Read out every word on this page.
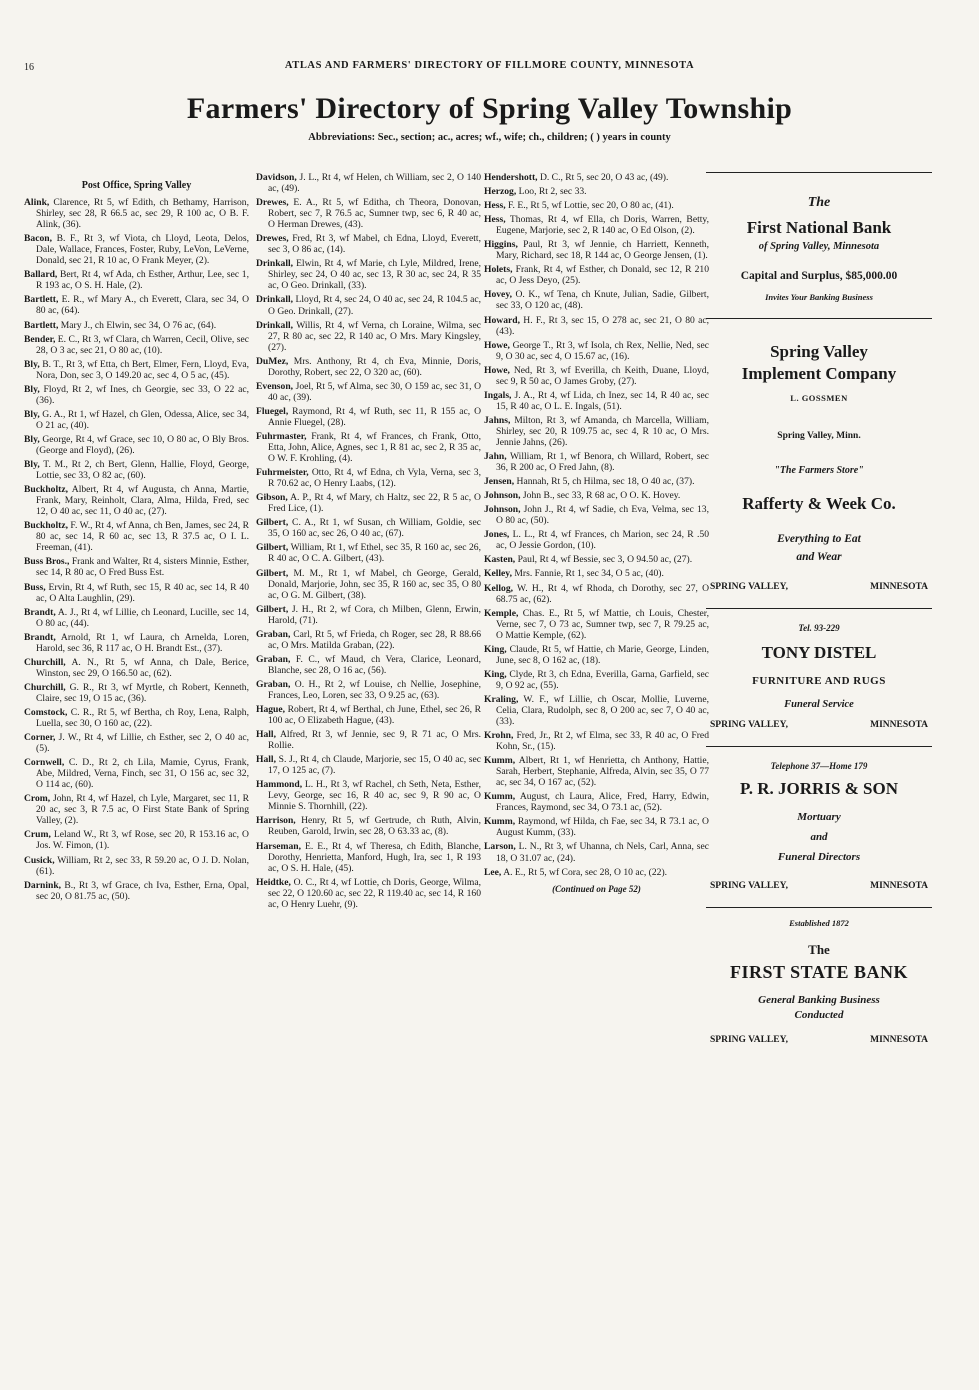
16	ATLAS AND FARMERS' DIRECTORY OF FILLMORE COUNTY, MINNESOTA
Farmers' Directory of Spring Valley Township
Abbreviations: Sec., section; ac., acres; wf., wife; ch., children; ( ) years in county
Post Office, Spring Valley

Alink, Clarence, Rt 5, wf Edith, ch Bethamy, Harrison, Shirley, sec 28, R 66.5 ac, sec 29, R 100 ac, O B. F. Alink, (36).

Bacon, B. F., Rt 3, wf Viota, ch Lloyd, Leota, Delos, Dale, Wallace, Frances, Foster, Ruby, LeVon, LeVerne, Donald, sec 21, R 10 ac, O Frank Meyer, (2).

Ballard, Bert, Rt 4, wf Ada, ch Esther, Arthur, Lee, sec 1, R 193 ac, O S. H. Hale, (2).

Bartlett, E. R., wf Mary A., ch Everett, Clara, sec 34, O 80 ac, (64).

Bartlett, Mary J., ch Elwin, sec 34, O 76 ac, (64).

Bender, E. C., Rt 3, wf Clara, ch Warren, Cecil, Olive, sec 28, O 3 ac, sec 21, O 80 ac, (10).

Bly, B. T., Rt 3, wf Etta, ch Bert, Elmer, Fern, Lloyd, Eva, Nora, Don, sec 3, O 149.20 ac, sec 4, O 5 ac, (45).

Bly, Floyd, Rt 2, wf Ines, ch Georgie, sec 33, O 22 ac, (36).

Bly, G. A., Rt 1, wf Hazel, ch Glen, Odessa, Alice, sec 34, O 21 ac, (40).

Bly, George, Rt 4, wf Grace, sec 10, O 80 ac, O Bly Bros. (George and Floyd), (26).

Bly, T. M., Rt 2, ch Bert, Glenn, Hallie, Floyd, George, Lottie, sec 33, O 82 ac, (60).

Buckholtz, Albert, Rt 4, wf Augusta, ch Anna, Martie, Frank, Mary, Reinholt, Clara, Alma, Hilda, Fred, sec 12, O 40 ac, sec 11, O 40 ac, (27).

Buckholtz, F. W., Rt 4, wf Anna, ch Ben, James, sec 24, R 80 ac, sec 14, R 60 ac, sec 13, R 37.5 ac, O I. L. Freeman, (41).

Buss Bros., Frank and Walter, Rt 4, sisters Minnie, Esther, sec 14, R 80 ac, O Fred Buss Est.

Buss, Ervin, Rt 4, wf Ruth, sec 15, R 40 ac, sec 14, R 40 ac, O Alta Laughlin, (29).

Brandt, A. J., Rt 4, wf Lillie, ch Leonard, Lucille, sec 14, O 80 ac, (44).

Brandt, Arnold, Rt 1, wf Laura, ch Arnelda, Loren, Harold, sec 36, R 117 ac, O H. Brandt Est., (37).

Churchill, A. N., Rt 5, wf Anna, ch Dale, Berice, Winston, sec 29, O 166.50 ac, (62).

Churchill, G. R., Rt 3, wf Myrtle, ch Robert, Kenneth, Claire, sec 19, O 15 ac, (36).

Comstock, C. R., Rt 5, wf Bertha, ch Roy, Lena, Ralph, Luella, sec 30, O 160 ac, (22).

Corner, J. W., Rt 4, wf Lillie, ch Esther, sec 2, O 40 ac, (5).

Cornwell, C. D., Rt 2, ch Lila, Mamie, Cyrus, Frank, Abe, Mildred, Verna, Finch, sec 31, O 156 ac, sec 32, O 114 ac, (60).

Crom, John, Rt 4, wf Hazel, ch Lyle, Margaret, sec 11, R 20 ac, sec 3, R 7.5 ac, O First State Bank of Spring Valley, (2).

Crum, Leland W., Rt 3, wf Rose, sec 20, R 153.16 ac, O Jos. W. Fimon, (1).

Cusick, William, Rt 2, sec 33, R 59.20 ac, O J. D. Nolan, (61).

Darnink, B., Rt 3, wf Grace, ch Iva, Esther, Erna, Opal, sec 20, O 81.75 ac, (50).

Davidson, J. L., Rt 4, wf Helen, ch William, sec 2, O 140 ac, (49).

Drewes, E. A., Rt 5, wf Editha, ch Theora, Donovan, Robert, sec 7, R 76.5 ac, Sumner twp, sec 6, R 40 ac, O Herman Drewes, (43).

Drewes, Fred, Rt 3, wf Mabel, ch Edna, Lloyd, Everett, sec 3, O 86 ac, (14).

Drinkall, Elwin, Rt 4, wf Marie, ch Lyle, Mildred, Irene, Shirley, sec 24, O 40 ac, sec 13, R 30 ac, sec 24, R 35 ac, O Geo. Drinkall, (33).

Drinkall, Lloyd, Rt 4, sec 24, O 40 ac, sec 24, R 104.5 ac, O Geo. Drinkall, (27).

Drinkall, Willis, Rt 4, wf Verna, ch Loraine, Wilma, sec 27, R 80 ac, sec 22, R 140 ac, O Mrs. Mary Kingsley, (27).

DuMez, Mrs. Anthony, Rt 4, ch Eva, Minnie, Doris, Dorothy, Robert, sec 22, O 320 ac, (60).

Evenson, Joel, Rt 5, wf Alma, sec 30, O 159 ac, sec 31, O 40 ac, (39).

Fluegel, Raymond, Rt 4, wf Ruth, sec 11, R 155 ac, O Annie Fluegel, (28).

Fuhrmaster, Frank, Rt 4, wf Frances, ch Frank, Otto, Etta, John, Alice, Agnes, sec 1, R 81 ac, sec 2, R 35 ac, O W. F. Krohling, (4).

Fuhrmeister, Otto, Rt 4, wf Edna, ch Vyla, Verna, sec 3, R 70.62 ac, O Henry Laabs, (12).

Gibson, A. P., Rt 4, wf Mary, ch Haltz, sec 22, R 5 ac, O Fred Lice, (1).

Gilbert, C. A., Rt 1, wf Susan, ch William, Goldie, sec 35, O 160 ac, sec 26, O 40 ac, (67).

Gilbert, William, Rt 1, wf Ethel, sec 35, R 160 ac, sec 26, R 40 ac, O C. A. Gilbert, (43).

Gilbert, M. M., Rt 1, wf Mabel, ch George, Gerald, Donald, Marjorie, John, sec 35, R 160 ac, sec 35, O 80 ac, O G. M. Gilbert, (38).

Gilbert, J. H., Rt 2, wf Cora, ch Milben, Glenn, Erwin, Harold, (71).

Graban, Carl, Rt 5, wf Frieda, ch Roger, sec 28, R 88.66 ac, O Mrs. Matilda Graban, (22).

Graban, F. C., wf Maud, ch Vera, Clarice, Leonard, Blanche, sec 28, O 16 ac, (56).

Graban, O. H., Rt 2, wf Louise, ch Nellie, Josephine, Frances, Leo, Loren, sec 33, O 9.25 ac, (63).

Hague, Robert, Rt 4, wf Berthal, ch June, Ethel, sec 26, R 100 ac, O Elizabeth Hague, (43).

Hall, Alfred, Rt 3, wf Jennie, sec 9, R 71 ac, O Mrs. Rollie.

Hall, S. J., Rt 4, ch Claude, Marjorie, sec 15, O 40 ac, sec 17, O 125 ac, (7).

Hammond, L. H., Rt 3, wf Rachel, ch Seth, Neta, Esther, Levy, George, sec 16, R 40 ac, sec 9, R 90 ac, O Minnie S. Thornhill, (22).

Harrison, Henry, Rt 5, wf Gertrude, ch Ruth, Alvin, Reuben, Garold, Irwin, sec 28, O 63.33 ac, (8).

Harseman, E. E., Rt 4, wf Theresa, ch Edith, Blanche, Dorothy, Henrietta, Manford, Hugh, Ira, sec 1, R 193 ac, O S. H. Hale, (45).

Heidtke, O. C., Rt 4, wf Lottie, ch Doris, George, Wilma, sec 22, O 120.60 ac, sec 22, R 119.40 ac, sec 14, R 160 ac, O Henry Luehr, (9).

Hendershott, D. C., Rt 5, sec 20, O 43 ac, (49).

Herzog, Loo, Rt 2, sec 33.

Hess, F. E., Rt 5, wf Lottie, sec 20, O 80 ac, (41).

Hess, Thomas, Rt 4, wf Ella, ch Doris, Warren, Betty, Eugene, Marjorie, sec 2, R 140 ac, O Ed Olson, (2).

Higgins, Paul, Rt 3, wf Jennie, ch Harriett, Kenneth, Mary, Richard, sec 18, R 144 ac, O George Jensen, (1).

Holets, Frank, Rt 4, wf Esther, ch Donald, sec 12, R 210 ac, O Jess Deyo, (25).

Hovey, O. K., wf Tena, ch Knute, Julian, Sadie, Gilbert, sec 33, O 120 ac, (48).

Howard, H. F., Rt 3, sec 15, O 278 ac, sec 21, O 80 ac, (43).

Howe, George T., Rt 3, wf Isola, ch Rex, Nellie, Ned, sec 9, O 30 ac, sec 4, O 15.67 ac, (16).

Howe, Ned, Rt 3, wf Everilla, ch Keith, Duane, Lloyd, sec 9, R 50 ac, O James Groby, (27).

Ingals, J. A., Rt 4, wf Lida, ch Inez, sec 14, R 40 ac, sec 15, R 40 ac, O L. E. Ingals, (51).

Jahns, Milton, Rt 3, wf Amanda, ch Marcella, William, Shirley, sec 20, R 109.75 ac, sec 4, R 10 ac, O Mrs. Jennie Jahns, (26).

Jahn, William, Rt 1, wf Benora, ch Willard, Robert, sec 36, R 200 ac, O Fred Jahn, (8).

Jensen, Hannah, Rt 5, ch Hilma, sec 18, O 40 ac, (37).

Johnson, John B., sec 33, R 68 ac, O O. K. Hovey.

Johnson, John J., Rt 4, wf Sadie, ch Eva, Velma, sec 13, O 80 ac, (50).

Jones, L. L., Rt 4, wf Frances, ch Marion, sec 24, R .50 ac, O Jessie Gordon, (10).

Kasten, Paul, Rt 4, wf Bessie, sec 3, O 94.50 ac, (27).

Kelley, Mrs. Fannie, Rt 1, sec 34, O 5 ac, (40).

Kellog, W. H., Rt 4, wf Rhoda, ch Dorothy, sec 27, O 68.75 ac, (62).

Kemple, Chas. E., Rt 5, wf Mattie, ch Louis, Chester, Verne, sec 7, O 73 ac, Sumner twp, sec 7, R 79.25 ac, O Mattie Kemple, (62).

King, Claude, Rt 5, wf Hattie, ch Marie, George, Linden, June, sec 8, O 162 ac, (18).

King, Clyde, Rt 3, ch Edna, Everilla, Garna, Garfield, sec 9, O 92 ac, (55).

Kraling, W. F., wf Lillie, ch Oscar, Mollie, Luverne, Celia, Clara, Rudolph, sec 8, O 200 ac, sec 7, O 40 ac, (33).

Krohn, Fred, Jr., Rt 2, wf Elma, sec 33, R 40 ac, O Fred Kohn, Sr., (15).

Kumm, Albert, Rt 1, wf Henrietta, ch Anthony, Hattie, Sarah, Herbert, Stephanie, Alfreda, Alvin, sec 35, O 77 ac, sec 34, O 167 ac, (52).

Kumm, August, ch Laura, Alice, Fred, Harry, Edwin, Frances, Raymond, sec 34, O 73.1 ac, (52).

Kumm, Raymond, wf Hilda, ch Fae, sec 34, R 73.1 ac, O August Kumm, (33).

Larson, L. N., Rt 3, wf Uhanna, ch Nels, Carl, Anna, sec 18, O 31.07 ac, (24).

Lee, A. E., Rt 5, wf Cora, sec 28, O 10 ac, (22).

(Continued on Page 52)
The
First National Bank
of Spring Valley, Minnesota
Capital and Surplus, $85,000.00
Invites Your Banking Business
Spring Valley
Implement Company
L. GOSSMEN
Spring Valley, Minn.
"The Farmers Store"
Rafferty & Week Co.
Everything to Eat
and Wear
SPRING VALLEY,	MINNESOTA
Tel. 93-229
TONY DISTEL
FURNITURE AND RUGS
Funeral Service
SPRING VALLEY,	MINNESOTA
Telephone 37—Home 179
P. R. JORRIS & SON
Mortuary
and
Funeral Directors
SPRING VALLEY,	MINNESOTA
Established 1872
The
FIRST STATE BANK
General Banking Business
Conducted
SPRING VALLEY,	MINNESOTA
